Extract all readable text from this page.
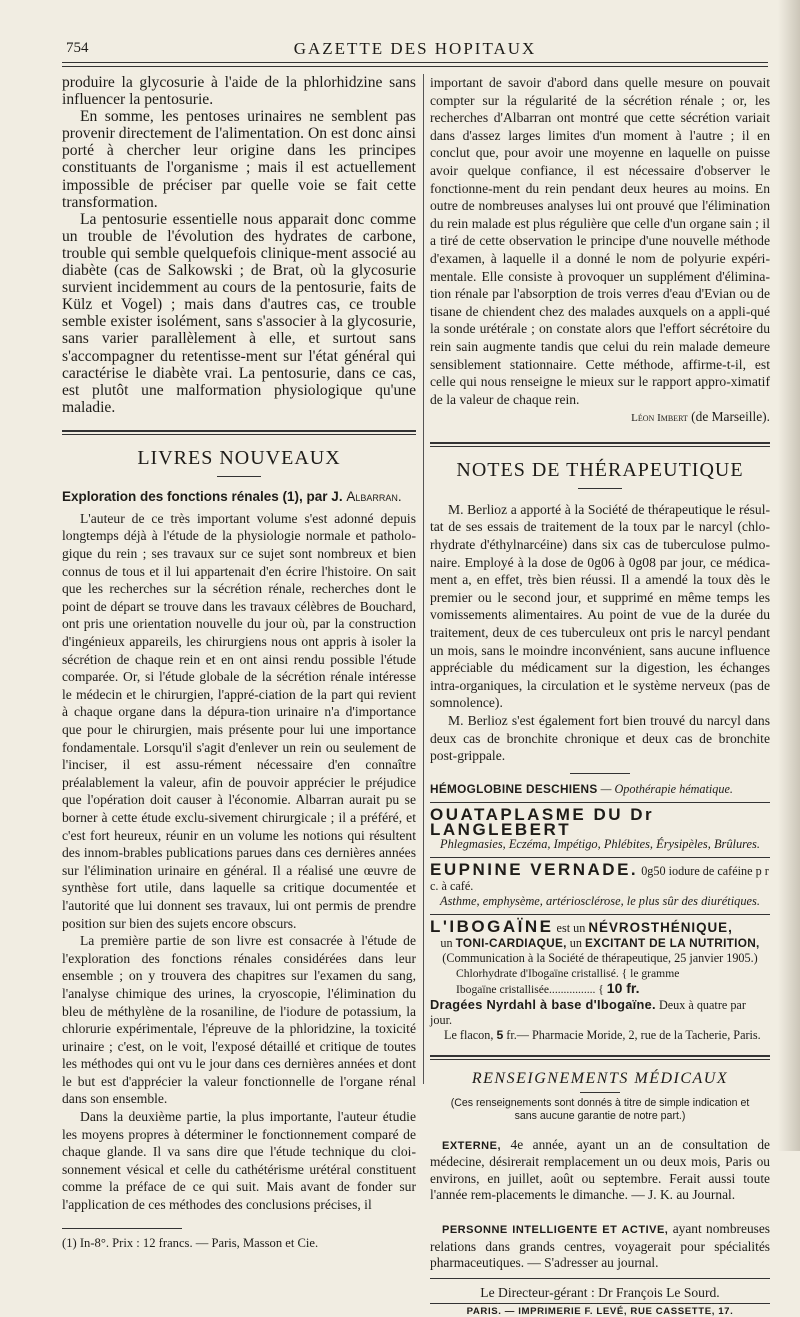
754	GAZETTE DES HOPITAUX

produire la glycosurie à l'aide de la phlorhidzine sans influencer la pentosurie.

En somme, les pentoses urinaires ne semblent pas provenir directement de l'alimentation. On est donc ainsi porté à chercher leur origine dans les principes constituants de l'organisme ; mais il est actuellement impossible de préciser par quelle voie se fait cette transformation.

La pentosurie essentielle nous apparait donc comme un trouble de l'évolution des hydrates de carbone, trouble qui semble quelquefois clinique-ment associé au diabète (cas de Salkowski ; de Brat, où la glycosurie survient incidemment au cours de la pentosurie, faits de Külz et Vogel) ; mais dans d'autres cas, ce trouble semble exister isolément, sans s'associer à la glycosurie, sans varier parallèlement à elle, et surtout sans s'accompagner du retentisse-ment sur l'état général qui caractérise le diabète vrai. La pentosurie, dans ce cas, est plutôt une malformation physiologique qu'une maladie.

LIVRES NOUVEAUX
Exploration des fonctions rénales (1), par J. Albarran.

L'auteur de ce très important volume s'est adonné depuis longtemps déjà à l'étude de la physiologie normale et patholo-gique du rein ; ses travaux sur ce sujet sont nombreux et bien connus de tous et il lui appartenait d'en écrire l'histoire. On sait que les recherches sur la sécrétion rénale, recherches dont le point de départ se trouve dans les travaux célèbres de Bouchard, ont pris une orientation nouvelle du jour où, par la construction d'ingénieux appareils, les chirurgiens nous ont appris à isoler la sécrétion de chaque rein et en ont ainsi rendu possible l'étude comparée. Or, si l'étude globale de la sécrétion rénale intéresse le médecin et le chirurgien, l'appré-ciation de la part qui revient à chaque organe dans la dépura-tion urinaire n'a d'importance que pour le chirurgien, mais présente pour lui une importance fondamentale. Lorsqu'il s'agit d'enlever un rein ou seulement de l'inciser, il est assu-rément nécessaire d'en connaître préalablement la valeur, afin de pouvoir apprécier le préjudice que l'opération doit causer à l'économie. Albarran aurait pu se borner à cette étude exclu-sivement chirurgicale ; il a préféré, et c'est fort heureux, réunir en un volume les notions qui résultent des innom-brables publications parues dans ces dernières années sur l'élimination urinaire en général. Il a réalisé une œuvre de synthèse fort utile, dans laquelle sa critique documentée et l'autorité que lui donnent ses travaux, lui ont permis de prendre position sur bien des sujets encore obscurs.

La première partie de son livre est consacrée à l'étude de l'exploration des fonctions rénales considérées dans leur ensemble ; on y trouvera des chapitres sur l'examen du sang, l'analyse chimique des urines, la cryoscopie, l'élimination du bleu de méthylène de la rosaniline, de l'iodure de potassium, la chlorurie expérimentale, l'épreuve de la phloridzine, la toxicité urinaire ; c'est, on le voit, l'exposé détaillé et critique de toutes les méthodes qui ont vu le jour dans ces dernières années et dont le but est d'apprécier la valeur fonctionnelle de l'organe rénal dans son ensemble.

Dans la deuxième partie, la plus importante, l'auteur étudie les moyens propres à déterminer le fonctionnement comparé de chaque glande. Il va sans dire que l'étude technique du cloi-sonnement vésical et celle du cathétérisme urétéral constituent comme la préface de ce qui suit. Mais avant de fonder sur l'application de ces méthodes des conclusions précises, il

(1) In-8°. Prix : 12 francs. — Paris, Masson et Cie.

important de savoir d'abord dans quelle mesure on pouvait compter sur la régularité de la sécrétion rénale ; or, les recherches d'Albarran ont montré que cette sécrétion variait dans d'assez larges limites d'un moment à l'autre ; il en conclut que, pour avoir une moyenne en laquelle on puisse avoir quelque confiance, il est nécessaire d'observer le fonctionne-ment du rein pendant deux heures au moins. En outre de nombreuses analyses lui ont prouvé que l'élimination du rein malade est plus régulière que celle d'un organe sain ; il a tiré de cette observation le principe d'une nouvelle méthode d'examen, à laquelle il a donné le nom de polyurie expéri-mentale. Elle consiste à provoquer un supplément d'élimina-tion rénale par l'absorption de trois verres d'eau d'Evian ou de tisane de chiendent chez des malades auxquels on a appli-qué la sonde urétérale ; on constate alors que l'effort sécrétoire du rein sain augmente tandis que celui du rein malade demeure sensiblement stationnaire. Cette méthode, affirme-t-il, est celle qui nous renseigne le mieux sur le rapport appro-ximatif de la valeur de chaque rein.

Léon Imbert (de Marseille).
NOTES DE THÉRAPEUTIQUE

M. Berlioz a apporté à la Société de thérapeutique le résul-tat de ses essais de traitement de la toux par le narcyl (chlo-rhydrate d'éthylnarcéine) dans six cas de tuberculose pulmo-naire. Employé à la dose de 0g06 à 0g08 par jour, ce médica-ment a, en effet, très bien réussi. Il a amendé la toux dès le premier ou le second jour, et supprimé en même temps les vomissements alimentaires. Au point de vue de la durée du traitement, deux de ces tuberculeux ont pris le narcyl pendant un mois, sans le moindre inconvénient, sans aucune influence appréciable du médicament sur la digestion, les échanges intra-organiques, la circulation et le système nerveux (pas de somnolence).

M. Berlioz s'est également fort bien trouvé du narcyl dans deux cas de bronchite chronique et deux cas de bronchite post-grippale.

HÉMOGLOBINE DESCHIENS — Opothérapie hématique.
OUATAPLASME DU Dr LANGLEBERT
Phlegmasies, Eczéma, Impétigo, Phlébites, Érysipèles, Brûlures.
EUPNINE VERNADE. 0g50 iodure de caféine p r c. à café.
Asthme, emphysème, artériosclérose, le plus sûr des diurétiques.
L'IBOGAÏNE est un NÉVROSTHÉNIQUE,
un TONI-CARDIAQUE, un EXCITANT DE LA NUTRITION,
(Communication à la Société de thérapeutique, 25 janvier 1905.)
Chlorhydrate d'Ibogaïne cristallisé. { le gramme
Ibogaïne cristallisée................ { 10 fr.
Dragées Nyrdahl à base d'Ibogaïne. Deux à quatre par jour.
Le flacon, 5 fr.— Pharmacie Moride, 2, rue de la Tacherie, Paris.
RENSEIGNEMENTS MÉDICAUX
(Ces renseignements sont donnés à titre de simple indication et sans aucune garantie de notre part.)

EXTERNE, 4e année, ayant un an de consultation de médecine, désirerait remplacement un ou deux mois, Paris ou environs, en juillet, août ou septembre. Ferait aussi toute l'année rem-placements le dimanche. — J. K. au Journal.

PERSONNE INTELLIGENTE ET ACTIVE, ayant nombreuses relations dans grands centres, voyagerait pour spécialités pharmaceutiques. — S'adresser au journal.

Le Directeur-gérant : Dr François Le Sourd.
PARIS. — IMPRIMERIE F. LEVÉ, RUE CASSETTE, 17.
